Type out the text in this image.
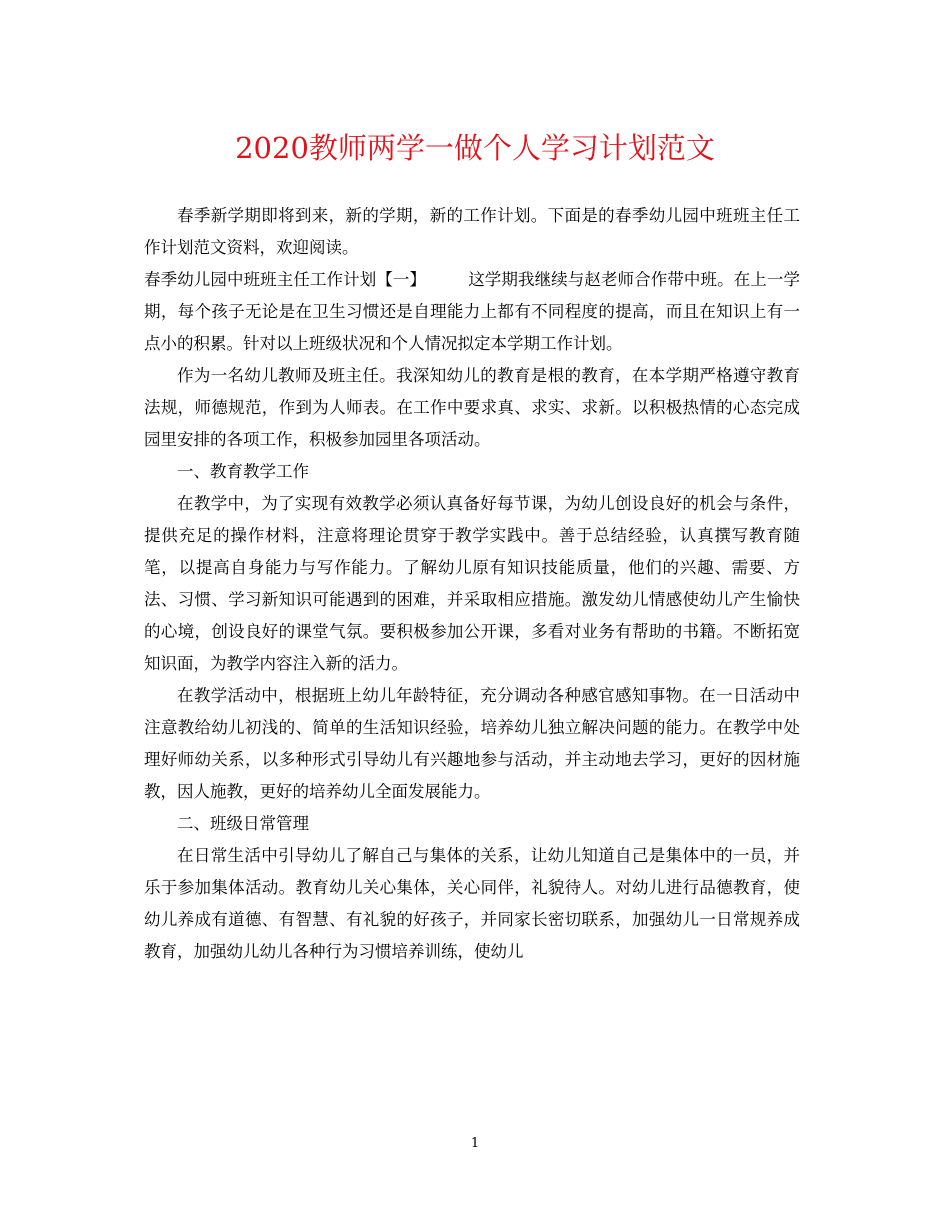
2020教师两学一做个人学习计划范文

春季新学期即将到来，新的学期，新的工作计划。下面是的春季幼儿园中班班主任工作计划范文资料，欢迎阅读。

春季幼儿园中班班主任工作计划【一】	这学期我继续与赵老师合作带中班。在上一学期，每个孩子无论是在卫生习惯还是自理能力上都有不同程度的提高，而且在知识上有一点小的积累。针对以上班级状况和个人情况拟定本学期工作计划。

作为一名幼儿教师及班主任。我深知幼儿的教育是根的教育，在本学期严格遵守教育法规，师德规范，作到为人师表。在工作中要求真、求实、求新。以积极热情的心态完成园里安排的各项工作，积极参加园里各项活动。

一、教育教学工作

在教学中，为了实现有效教学必须认真备好每节课，为幼儿创设良好的机会与条件，提供充足的操作材料，注意将理论贯穿于教学实践中。善于总结经验，认真撰写教育随笔，以提高自身能力与写作能力。了解幼儿原有知识技能质量，他们的兴趣、需要、方法、习惯、学习新知识可能遇到的困难，并采取相应措施。激发幼儿情感使幼儿产生愉快的心境，创设良好的课堂气氛。要积极参加公开课，多看对业务有帮助的书籍。不断拓宽知识面，为教学内容注入新的活力。

在教学活动中，根据班上幼儿年龄特征，充分调动各种感官感知事物。在一日活动中注意教给幼儿初浅的、简单的生活知识经验，培养幼儿独立解决问题的能力。在教学中处理好师幼关系，以多种形式引导幼儿有兴趣地参与活动，并主动地去学习，更好的因材施教，因人施教，更好的培养幼儿全面发展能力。

二、班级日常管理

在日常生活中引导幼儿了解自己与集体的关系，让幼儿知道自己是集体中的一员，并乐于参加集体活动。教育幼儿关心集体，关心同伴，礼貌待人。对幼儿进行品德教育，使幼儿养成有道德、有智慧、有礼貌的好孩子，并同家长密切联系，加强幼儿一日常规养成教育，加强幼儿幼儿各种行为习惯培养训练，使幼儿

1
